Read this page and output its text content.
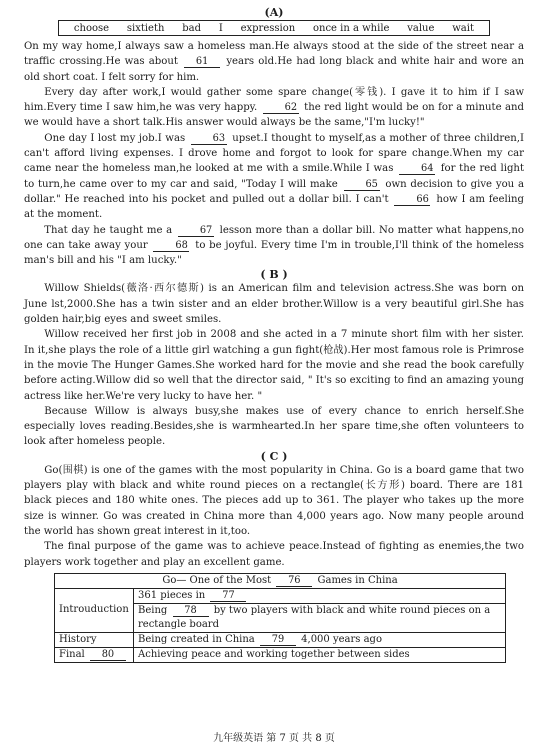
(A)
choose sixtieth bad I expression once in a while value wait

On my way home,I always saw a homeless man.He always stood at the side of the street near a traffic crossing.He was about 61 years old.He had long black and white hair and wore an old short coat. I felt sorry for him.

Every day after work,I would gather some spare change(零钱). I gave it to him if I saw him.Every time I saw him,he was very happy.	62 the red light would be on for a minute and we would have a short talk.His answer would always be the same,"I'm lucky!"

One day I lost my job.I was	63 upset.I thought to myself,as a mother of three children,I can't afford living expenses. I drove home and forgot to look for spare change.When my car came near the homeless man,he looked at me with a smile.While I was	64 for the red light to turn,he came over to my car and said, "Today I will make	65 own decision to give you a dollar." He reached into his pocket and pulled out a dollar bill. I can't	66 how I am feeling at the moment.

That day he taught me a	67 lesson more than a dollar bill. No matter what happens,no one can take away your	68 to be joyful. Every time I'm in trouble,I'll think of the homeless man's bill and his "I am lucky."

( B )

Willow Shields(薇洛·西尔德斯) is an American film and television actress.She was born on June lst,2000.She has a twin sister and an elder brother.Willow is a very beautiful girl.She has golden hair,big eyes and sweet smiles.

Willow received her first job in 2008 and she acted in a 7 minute short film with her sister. In it,she plays the role of a little girl watching a gun fight(枪战).Her most famous role is Primrose in the movie The Hunger Games.She worked hard for the movie and she read the book carefully before acting.Willow did so well that the director said, " It's so exciting to find an amazing young actress like her.We're very lucky to have her. "

Because Willow is always busy,she makes use of every chance to enrich herself.She especially loves reading.Besides,she is warmhearted.In her spare time,she often volunteers to look after homeless people.

( C )

Go(围棋) is one of the games with the most popularity in China. Go is a board game that two players play with black and white round pieces on a rectangle(长方形) board. There are 181 black pieces and 180 white ones. The pieces add up to 361. The player who takes up the more size is winner. Go was created in China more than 4,000 years ago. Now many people around the world has shown great interest in it,too.

The final purpose of the game was to achieve peace.Instead of fighting as enemies,the two players work together and play an excellent game.

Go— One of the Most 76 Games in China	
Introuduction	361 pieces in 77
	Being 78 by two players with black and white round pieces on a rectangle board
History	Being created in China 79 4,000 years ago
Final 80	Achieving peace and working together between sides
九年级英语 第 7 页 共 8 页
